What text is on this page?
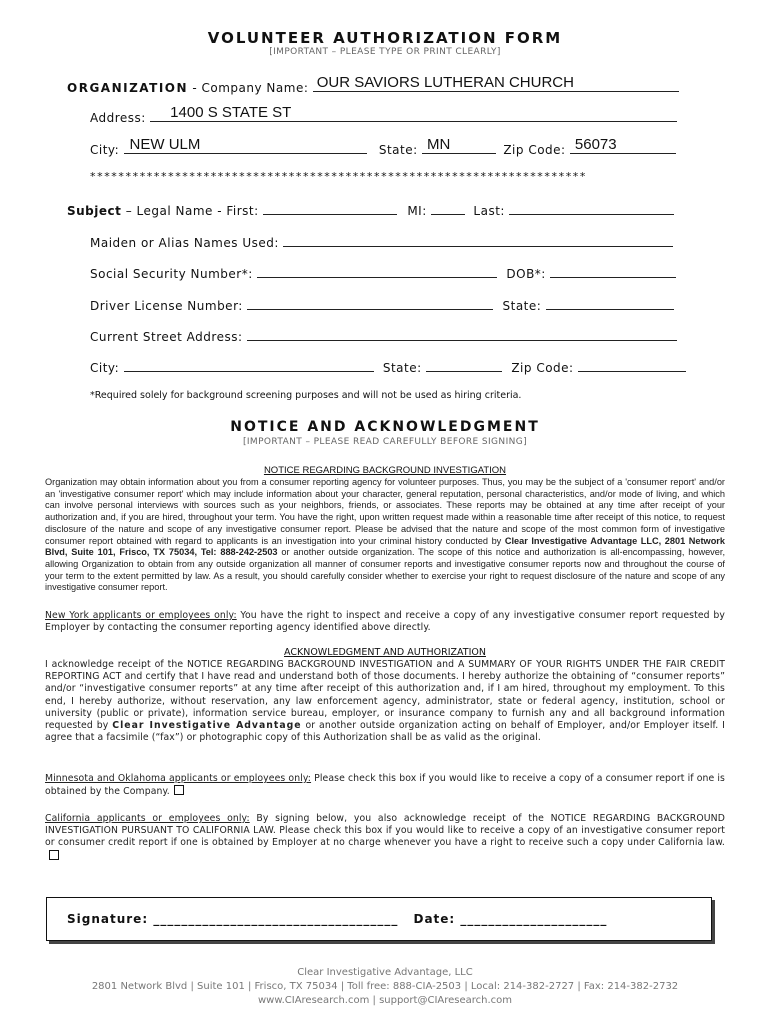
VOLUNTEER AUTHORIZATION FORM
[IMPORTANT – PLEASE TYPE OR PRINT CLEARLY]
ORGANIZATION - Company Name: OUR SAVIORS LUTHERAN CHURCH
Address: 1400 S STATE ST
City: NEW ULM	State: MN	Zip Code: 56073
**********************************************************************
Subject – Legal Name - First:	MI:	Last:
Maiden or Alias Names Used:
Social Security Number*:	DOB*:
Driver License Number:	State:
Current Street Address:
City:	State:	Zip Code:
*Required solely for background screening purposes and will not be used as hiring criteria.
NOTICE AND ACKNOWLEDGMENT
[IMPORTANT – PLEASE READ CAREFULLY BEFORE SIGNING]
NOTICE REGARDING BACKGROUND INVESTIGATION
Organization may obtain information about you from a consumer reporting agency for volunteer purposes. Thus, you may be the subject of a 'consumer report' and/or an 'investigative consumer report' which may include information about your character, general reputation, personal characteristics, and/or mode of living, and which can involve personal interviews with sources such as your neighbors, friends, or associates. These reports may be obtained at any time after receipt of your authorization and, if you are hired, throughout your term. You have the right, upon written request made within a reasonable time after receipt of this notice, to request disclosure of the nature and scope of any investigative consumer report. Please be advised that the nature and scope of the most common form of investigative consumer report obtained with regard to applicants is an investigation into your criminal history conducted by Clear Investigative Advantage LLC, 2801 Network Blvd, Suite 101, Frisco, TX 75034, Tel: 888-242-2503 or another outside organization. The scope of this notice and authorization is all-encompassing, however, allowing Organization to obtain from any outside organization all manner of consumer reports and investigative consumer reports now and throughout the course of your term to the extent permitted by law. As a result, you should carefully consider whether to exercise your right to request disclosure of the nature and scope of any investigative consumer report.
New York applicants or employees only: You have the right to inspect and receive a copy of any investigative consumer report requested by Employer by contacting the consumer reporting agency identified above directly.
ACKNOWLEDGMENT AND AUTHORIZATION
I acknowledge receipt of the NOTICE REGARDING BACKGROUND INVESTIGATION and A SUMMARY OF YOUR RIGHTS UNDER THE FAIR CREDIT REPORTING ACT and certify that I have read and understand both of those documents. I hereby authorize the obtaining of “consumer reports” and/or “investigative consumer reports” at any time after receipt of this authorization and, if I am hired, throughout my employment. To this end, I hereby authorize, without reservation, any law enforcement agency, administrator, state or federal agency, institution, school or university (public or private), information service bureau, employer, or insurance company to furnish any and all background information requested by Clear Investigative Advantage or another outside organization acting on behalf of Employer, and/or Employer itself. I agree that a facsimile (“fax”) or photographic copy of this Authorization shall be as valid as the original.
Minnesota and Oklahoma applicants or employees only: Please check this box if you would like to receive a copy of a consumer report if one is obtained by the Company.
California applicants or employees only: By signing below, you also acknowledge receipt of the NOTICE REGARDING BACKGROUND INVESTIGATION PURSUANT TO CALIFORNIA LAW. Please check this box if you would like to receive a copy of an investigative consumer report or consumer credit report if one is obtained by Employer at no charge whenever you have a right to receive such a copy under California law.
Signature: ___________________________________ Date: _____________________
Clear Investigative Advantage, LLC
2801 Network Blvd | Suite 101 | Frisco, TX 75034 | Toll free: 888-CIA-2503 | Local: 214-382-2727 | Fax: 214-382-2732
www.CIAresearch.com | support@CIAresearch.com
